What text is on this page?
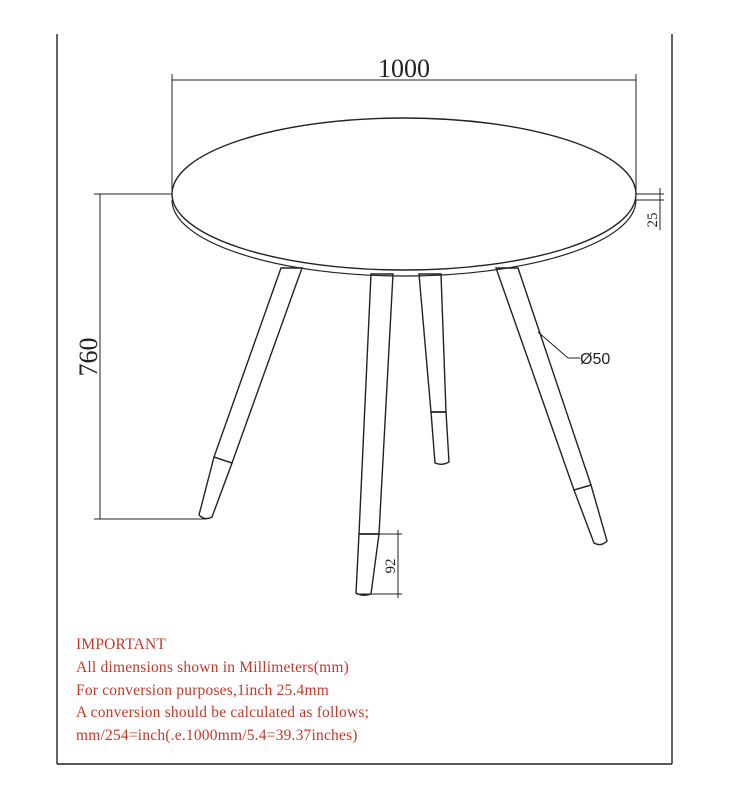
1000
25
760
92
Ø50
IMPORTANT
All dimensions shown in Millimeters(mm)
For conversion purposes,1inch 25.4mm
A conversion should be calculated as follows;
mm/254=inch(.e.1000mm/5.4=39.37inches)
